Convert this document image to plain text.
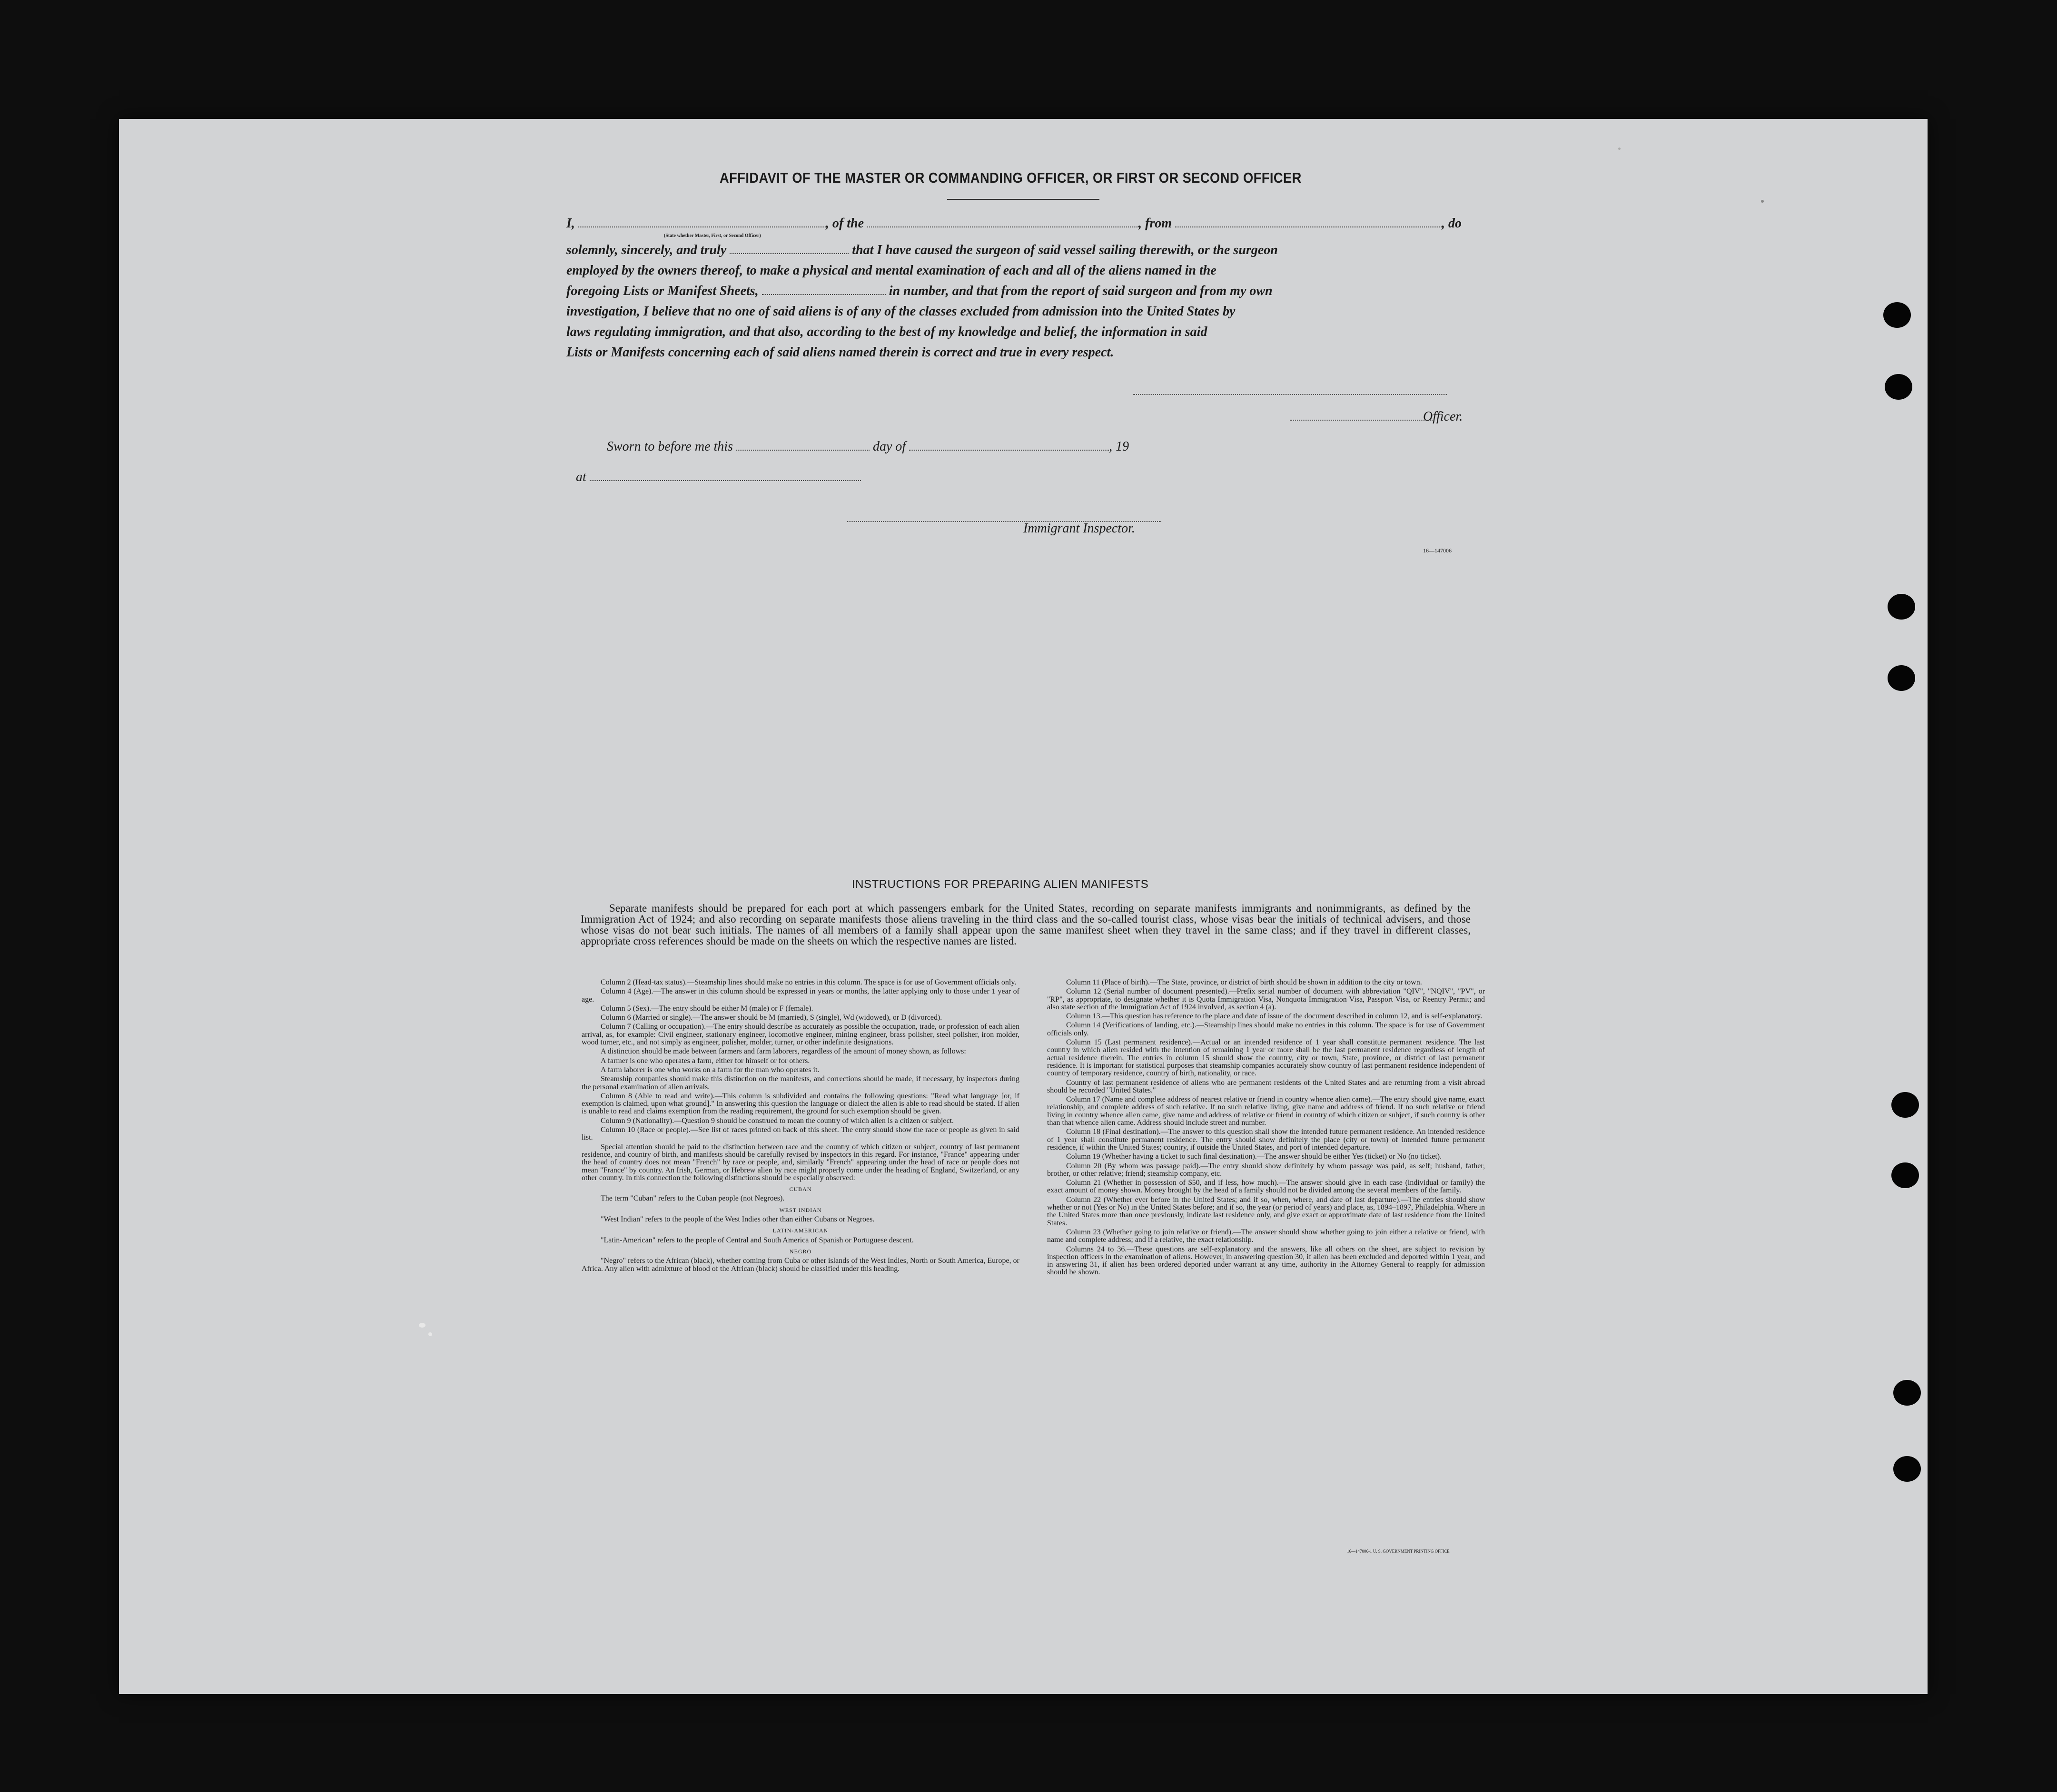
AFFIDAVIT OF THE MASTER OR COMMANDING OFFICER, OR FIRST OR SECOND OFFICER
I,	, of the	, from	, do
(State whether Master, First, or Second Officer)
solemnly, sincerely, and truly	that I have caused the surgeon of said vessel sailing therewith, or the surgeon
employed by the owners thereof, to make a physical and mental examination of each and all of the aliens named in the
foregoing Lists or Manifest Sheets,	in number, and that from the report of said surgeon and from my own
investigation, I believe that no one of said aliens is of any of the classes excluded from admission into the United States by
laws regulating immigration, and that also, according to the best of my knowledge and belief, the information in said
Lists or Manifests concerning each of said aliens named therein is correct and true in every respect.
Officer.
Sworn to before me this	day of	, 19
at
Immigrant Inspector.
16—147006
INSTRUCTIONS FOR PREPARING ALIEN MANIFESTS
Separate manifests should be prepared for each port at which passengers embark for the United States, recording on separate manifests immigrants and nonimmigrants, as defined by the Immigration Act of 1924; and also recording on separate manifests those aliens traveling in the third class and the so-called tourist class, whose visas bear the initials of technical advisers, and those whose visas do not bear such initials. The names of all members of a family shall appear upon the same manifest sheet when they travel in the same class; and if they travel in different classes, appropriate cross references should be made on the sheets on which the respective names are listed.

Column 2 (Head-tax status).—Steamship lines should make no entries in this column. The space is for use of Government officials only.

Column 4 (Age).—The answer in this column should be expressed in years or months, the latter applying only to those under 1 year of age.

Column 5 (Sex).—The entry should be either M (male) or F (female).

Column 6 (Married or single).—The answer should be M (married), S (single), Wd (widowed), or D (divorced).

Column 7 (Calling or occupation).—The entry should describe as accurately as possible the occupation, trade, or profession of each alien arrival, as, for example: Civil engineer, stationary engineer, locomotive engineer, mining engineer, brass polisher, steel polisher, iron molder, wood turner, etc., and not simply as engineer, polisher, molder, turner, or other indefinite designations.

A distinction should be made between farmers and farm laborers, regardless of the amount of money shown, as follows:

A farmer is one who operates a farm, either for himself or for others.

A farm laborer is one who works on a farm for the man who operates it.

Steamship companies should make this distinction on the manifests, and corrections should be made, if necessary, by inspectors during the personal examination of alien arrivals.

Column 8 (Able to read and write).—This column is subdivided and contains the following questions: "Read what language [or, if exemption is claimed, upon what ground]." In answering this question the language or dialect the alien is able to read should be stated. If alien is unable to read and claims exemption from the reading requirement, the ground for such exemption should be given.

Column 9 (Nationality).—Question 9 should be construed to mean the country of which alien is a citizen or subject.

Column 10 (Race or people).—See list of races printed on back of this sheet. The entry should show the race or people as given in said list.

Special attention should be paid to the distinction between race and the country of which citizen or subject, country of last permanent residence, and country of birth, and manifests should be carefully revised by inspectors in this regard. For instance, "France" appearing under the head of country does not mean "French" by race or people, and, similarly "French" appearing under the head of race or people does not mean "France" by country. An Irish, German, or Hebrew alien by race might properly come under the heading of England, Switzerland, or any other country. In this connection the following distinctions should be especially observed:

CUBAN

The term "Cuban" refers to the Cuban people (not Negroes).

WEST INDIAN

"West Indian" refers to the people of the West Indies other than either Cubans or Negroes.

LATIN-AMERICAN

"Latin-American" refers to the people of Central and South America of Spanish or Portuguese descent.

NEGRO

"Negro" refers to the African (black), whether coming from Cuba or other islands of the West Indies, North or South America, Europe, or Africa. Any alien with admixture of blood of the African (black) should be classified under this heading.

Column 11 (Place of birth).—The State, province, or district of birth should be shown in addition to the city or town.

Column 12 (Serial number of document presented).—Prefix serial number of document with abbreviation "QIV", "NQIV", "PV", or "RP", as appropriate, to designate whether it is Quota Immigration Visa, Nonquota Immigration Visa, Passport Visa, or Reentry Permit; and also state section of the Immigration Act of 1924 involved, as section 4 (a).

Column 13.—This question has reference to the place and date of issue of the document described in column 12, and is self-explanatory.

Column 14 (Verifications of landing, etc.).—Steamship lines should make no entries in this column. The space is for use of Government officials only.

Column 15 (Last permanent residence).—Actual or an intended residence of 1 year shall constitute permanent residence. The last country in which alien resided with the intention of remaining 1 year or more shall be the last permanent residence regardless of length of actual residence therein. The entries in column 15 should show the country, city or town, State, province, or district of last permanent residence. It is important for statistical purposes that steamship companies accurately show country of last permanent residence independent of country of temporary residence, country of birth, nationality, or race.

Country of last permanent residence of aliens who are permanent residents of the United States and are returning from a visit abroad should be recorded "United States."

Column 17 (Name and complete address of nearest relative or friend in country whence alien came).—The entry should give name, exact relationship, and complete address of such relative. If no such relative living, give name and address of friend. If no such relative or friend living in country whence alien came, give name and address of relative or friend in country of which citizen or subject, if such country is other than that whence alien came. Address should include street and number.

Column 18 (Final destination).—The answer to this question shall show the intended future permanent residence. An intended residence of 1 year shall constitute permanent residence. The entry should show definitely the place (city or town) of intended future permanent residence, if within the United States; country, if outside the United States, and port of intended departure.

Column 19 (Whether having a ticket to such final destination).—The answer should be either Yes (ticket) or No (no ticket).

Column 20 (By whom was passage paid).—The entry should show definitely by whom passage was paid, as self; husband, father, brother, or other relative; friend; steamship company, etc.

Column 21 (Whether in possession of $50, and if less, how much).—The answer should give in each case (individual or family) the exact amount of money shown. Money brought by the head of a family should not be divided among the several members of the family.

Column 22 (Whether ever before in the United States; and if so, when, where, and date of last departure).—The entries should show whether or not (Yes or No) in the United States before; and if so, the year (or period of years) and place, as, 1894–1897, Philadelphia. Where in the United States more than once previously, indicate last residence only, and give exact or approximate date of last residence from the United States.

Column 23 (Whether going to join relative or friend).—The answer should show whether going to join either a relative or friend, with name and complete address; and if a relative, the exact relationship.

Columns 24 to 36.—These questions are self-explanatory and the answers, like all others on the sheet, are subject to revision by inspection officers in the examination of aliens. However, in answering question 30, if alien has been excluded and deported within 1 year, and in answering 31, if alien has been ordered deported under warrant at any time, authority in the Attorney General to reapply for admission should be shown.

16—147006-1 U. S. GOVERNMENT PRINTING OFFICE
